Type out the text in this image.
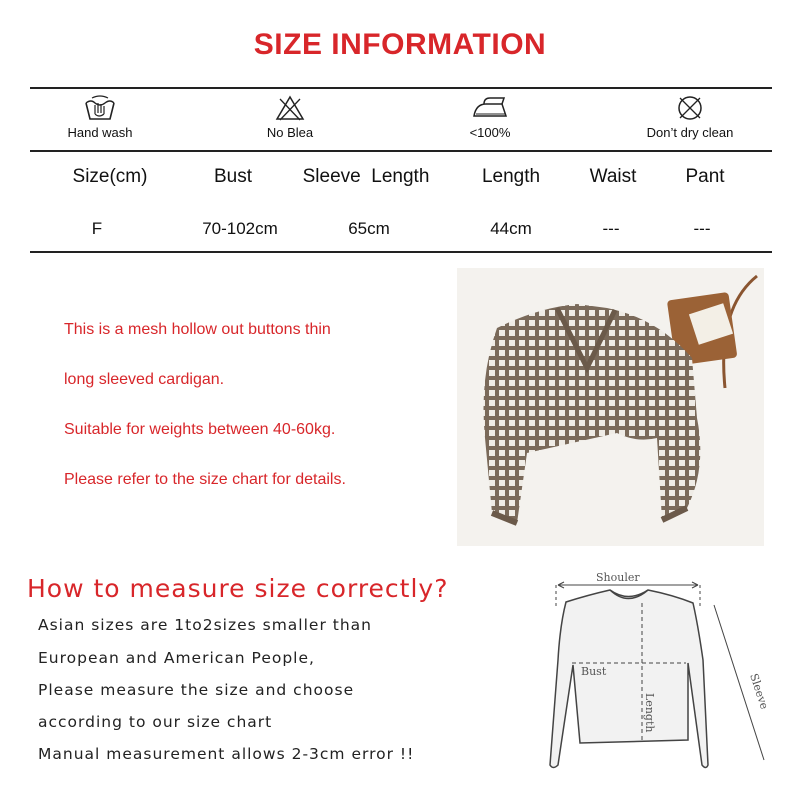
SIZE INFORMATION
Hand wash	No Blea	<100%	Don’t dry clean
Size(cm)	Bust	Sleeve  Length	Length	Waist	Pant
F	70-102cm	65cm	44cm	---	---
This is a mesh hollow out buttons thin
long sleeved cardigan.
Suitable for weights between 40-60kg.
Please refer to the size chart for details.
How to measure size correctly?
Asian sizes are 1to2sizes smaller than
European and American People,
Please measure the size and choose
according to our size chart
Manual measurement allows 2-3cm error !!
Shouler
Bust
Length
Sleeve
